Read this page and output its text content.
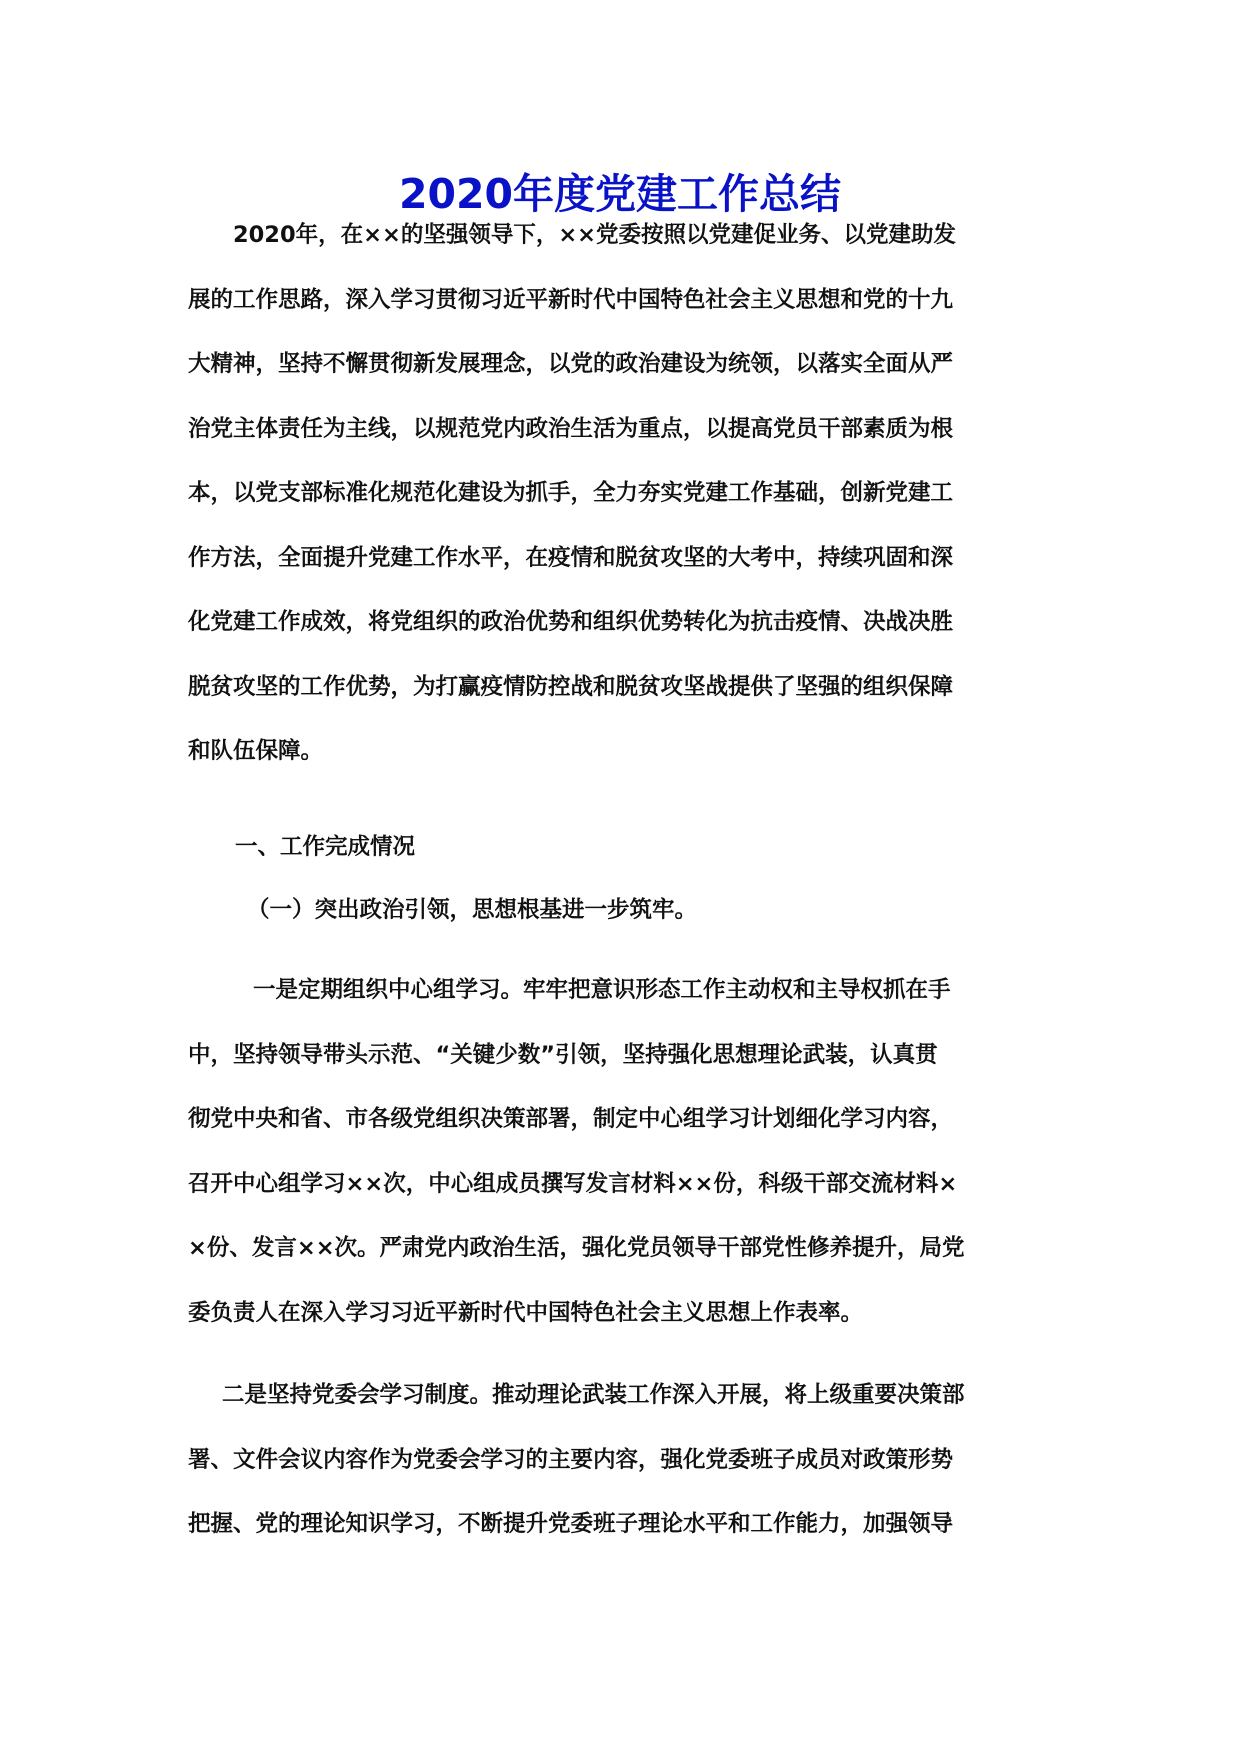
2020年度党建工作总结
2020年，在××的坚强领导下，××党委按照以党建促业务、以党建助发
展的工作思路，深入学习贯彻习近平新时代中国特色社会主义思想和党的十九
大精神，坚持不懈贯彻新发展理念，以党的政治建设为统领，以落实全面从严
治党主体责任为主线，以规范党内政治生活为重点，以提高党员干部素质为根
本，以党支部标准化规范化建设为抓手，全力夯实党建工作基础，创新党建工
作方法，全面提升党建工作水平，在疫情和脱贫攻坚的大考中，持续巩固和深
化党建工作成效，将党组织的政治优势和组织优势转化为抗击疫情、决战决胜
脱贫攻坚的工作优势，为打赢疫情防控战和脱贫攻坚战提供了坚强的组织保障
和队伍保障。
一、工作完成情况
（一）突出政治引领，思想根基进一步筑牢。
一是定期组织中心组学习。牢牢把意识形态工作主动权和主导权抓在手
中，坚持领导带头示范、“关键少数”引领，坚持强化思想理论武装，认真贯
彻党中央和省、市各级党组织决策部署，制定中心组学习计划细化学习内容，
召开中心组学习××次，中心组成员撰写发言材料××份，科级干部交流材料×
×份、发言××次。严肃党内政治生活，强化党员领导干部党性修养提升，局党
委负责人在深入学习习近平新时代中国特色社会主义思想上作表率。
二是坚持党委会学习制度。推动理论武装工作深入开展，将上级重要决策部
署、文件会议内容作为党委会学习的主要内容，强化党委班子成员对政策形势
把握、党的理论知识学习，不断提升党委班子理论水平和工作能力，加强领导
